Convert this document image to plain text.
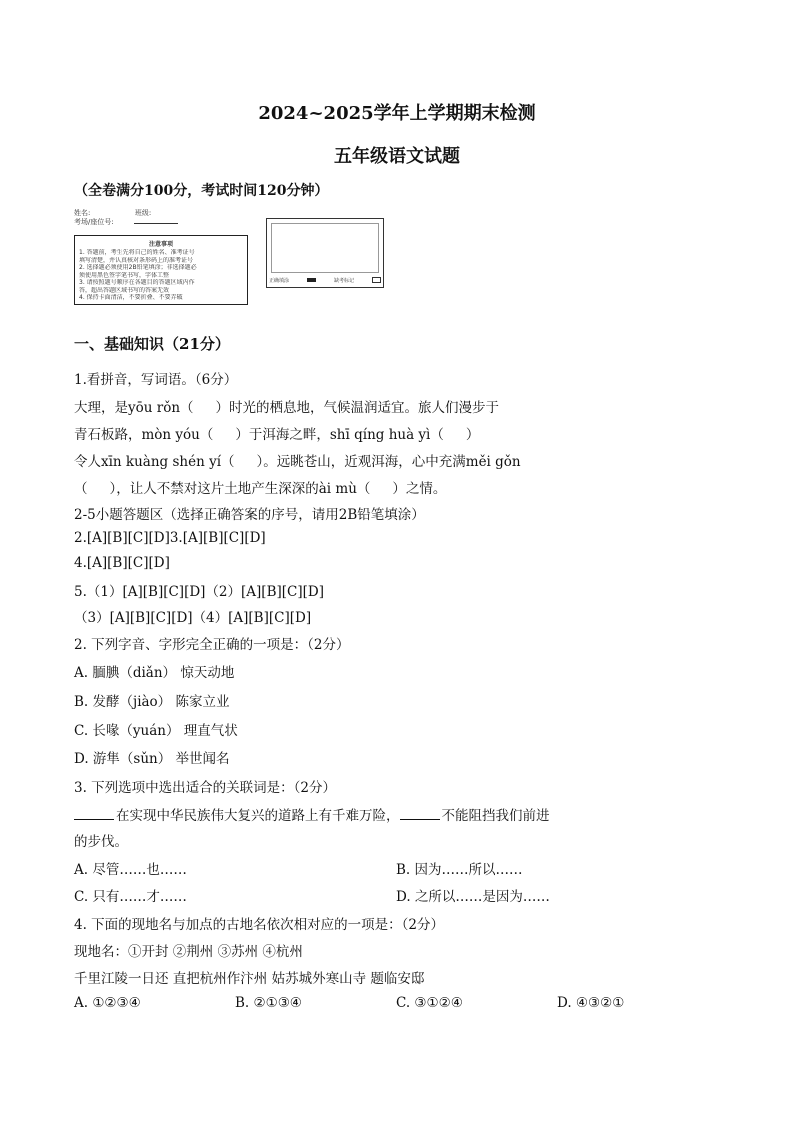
2024~2025学年上学期期末检测
五年级语文试题
（全卷满分100分，考试时间120分钟）
姓名:	班级:
考场/座位号:
注意事项
1. 答题前，考生先将自己的姓名、准考证号
填写清楚，并认真核对条形码上的准考证号
2. 选择题必须使用2B铅笔填涂；非选择题必
须使用黑色签字笔书写，字体工整
3. 请按照题号顺序在各题目的答题区域内作
答，超出答题区域书写的答案无效
4. 保持卡面清洁，不要折叠、不要弄破
正确填涂	缺考标记
一、基础知识（21分）
1.看拼音，写词语。（6分）
大理，是yōu rǒn（ ）时光的栖息地，气候温润适宜。旅人们漫步于
青石板路，mòn yóu（ ）于洱海之畔，shī qíng huà yì（ ）
令人xīn kuàng shén yí（ ）。远眺苍山，近观洱海，心中充满měi gǒn
（ ），让人不禁对这片土地产生深深的ài mù（ ）之情。
2-5小题答题区（选择正确答案的序号，请用2B铅笔填涂）
2.[A][B][C][D]3.[A][B][C][D]
4.[A][B][C][D]
5.（1）[A][B][C][D]（2）[A][B][C][D]
（3）[A][B][C][D]（4）[A][B][C][D]
2. 下列字音、字形完全正确的一项是：（2分）
A. 腼腆（diǎn） 惊天动地
B. 发酵（jiào） 陈家立业
C. 长喙（yuán） 理直气状
D. 游隼（sǔn） 举世闻名
3. 下列选项中选出适合的关联词是：（2分）
在实现中华民族伟大复兴的道路上有千难万险，	不能阻挡我们前进
的步伐。
A. 尽管……也……	B. 因为……所以……
C. 只有……才……	D. 之所以……是因为……
4. 下面的现地名与加点的古地名依次相对应的一项是：（2分）
现地名：①开封 ②荆州 ③苏州 ④杭州
千里江陵一日还 直把杭州作汴州 姑苏城外寒山寺 题临安邸
A. ①②③④	B. ②①③④	C. ③①②④	D. ④③②①
